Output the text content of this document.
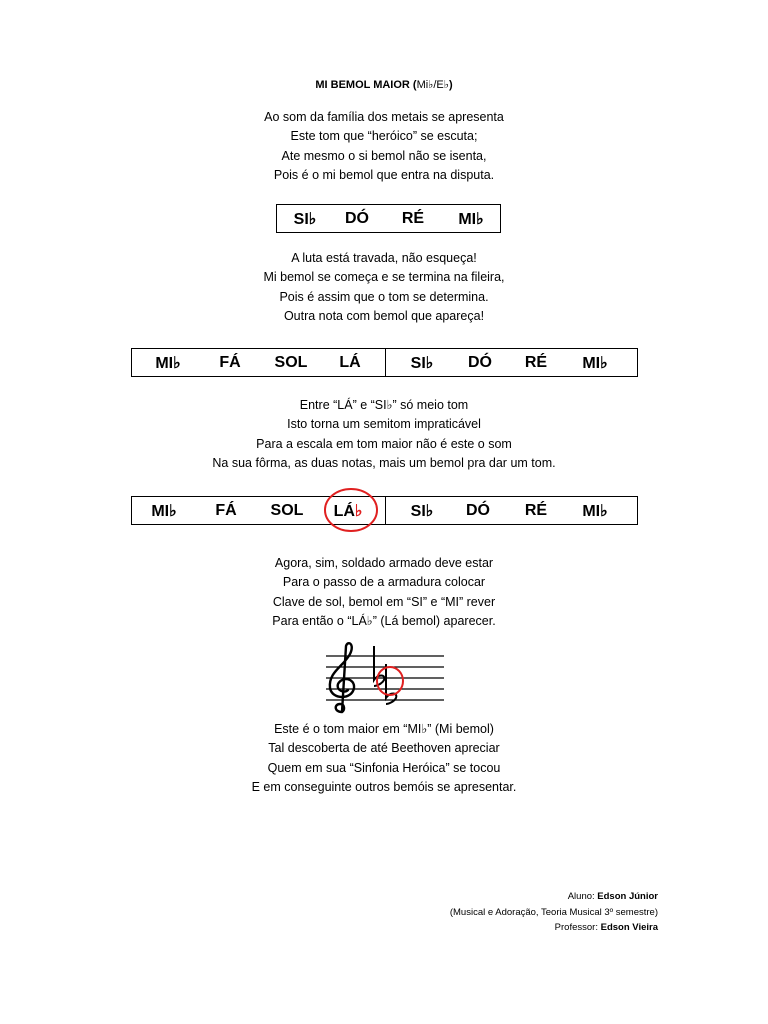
MI BEMOL MAIOR (Mi♭/E♭)
Ao som da família dos metais se apresenta
Este tom que “heróico” se escuta;
Ate mesmo o si bemol não se isenta,
Pois é o mi bemol que entra na disputa.
SI♭	DÓ	RÉ	MI♭
A luta está travada, não esqueça!
Mi bemol se começa e se termina na fileira,
Pois é assim que o tom se determina.
Outra nota com bemol que apareça!
MI♭	FÁ	SOL	LÁ	SI♭	DÓ	RÉ	MI♭
Entre “LÁ” e “SI♭” só meio tom
Isto torna um semitom impraticável
Para a escala em tom maior não é este o som
Na sua fôrma, as duas notas, mais um bemol pra dar um tom.
MI♭	FÁ	SOL	LÁ♭	SI♭	DÓ	RÉ	MI♭
Agora, sim, soldado armado deve estar
Para o passo de a armadura colocar
Clave de sol, bemol em “SI” e “MI” rever
Para então o “LÁ♭” (Lá bemol) aparecer.
Este é o tom maior em “MI♭” (Mi bemol)
Tal descoberta de até Beethoven apreciar
Quem em sua “Sinfonia Heróica” se tocou
E em conseguinte outros bemóis se apresentar.
Aluno: Edson Júnior
(Musical e Adoração, Teoria Musical 3º semestre)
Professor: Edson Vieira
